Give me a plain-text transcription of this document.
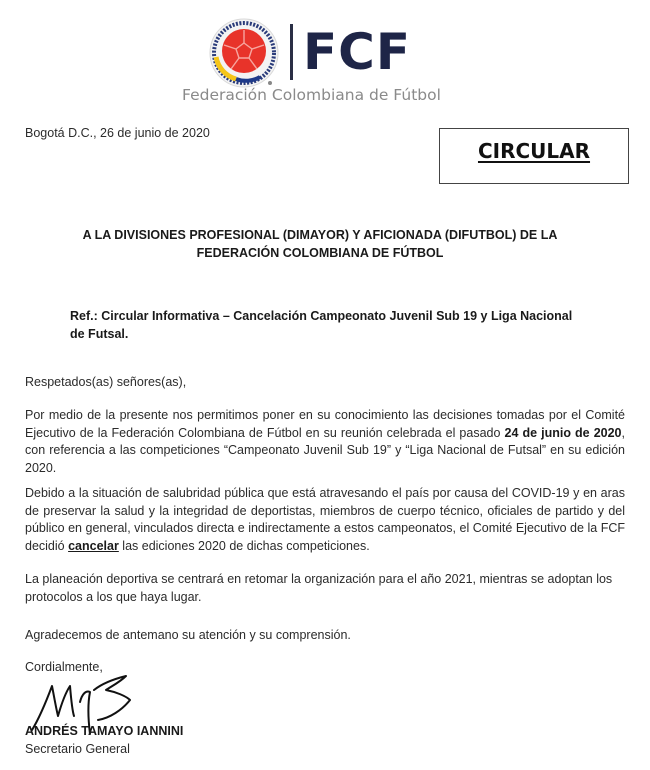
FCF
Federación Colombiana de Fútbol
Bogotá D.C., 26 de junio de 2020
CIRCULAR
A LA DIVISIONES PROFESIONAL (DIMAYOR) Y AFICIONADA (DIFUTBOL) DE LA FEDERACIÓN COLOMBIANA DE FÚTBOL
Ref.: Circular Informativa – Cancelación Campeonato Juvenil Sub 19 y Liga Nacional de Futsal.
Respetados(as) señores(as),
Por medio de la presente nos permitimos poner en su conocimiento las decisiones tomadas por el Comité Ejecutivo de la Federación Colombiana de Fútbol en su reunión celebrada el pasado 24 de junio de 2020, con referencia a las competiciones “Campeonato Juvenil Sub 19” y “Liga Nacional de Futsal” en su edición 2020.
Debido a la situación de salubridad pública que está atravesando el país por causa del COVID-19 y en aras de preservar la salud y la integridad de deportistas, miembros de cuerpo técnico, oficiales de partido y del público en general, vinculados directa e indirectamente a estos campeonatos, el Comité Ejecutivo de la FCF decidió cancelar las ediciones 2020 de dichas competiciones.
La planeación deportiva se centrará en retomar la organización para el año 2021, mientras se adoptan los protocolos a los que haya lugar.
Agradecemos de antemano su atención y su comprensión.
Cordialmente,
ANDRÉS TAMAYO IANNINI
Secretario General
